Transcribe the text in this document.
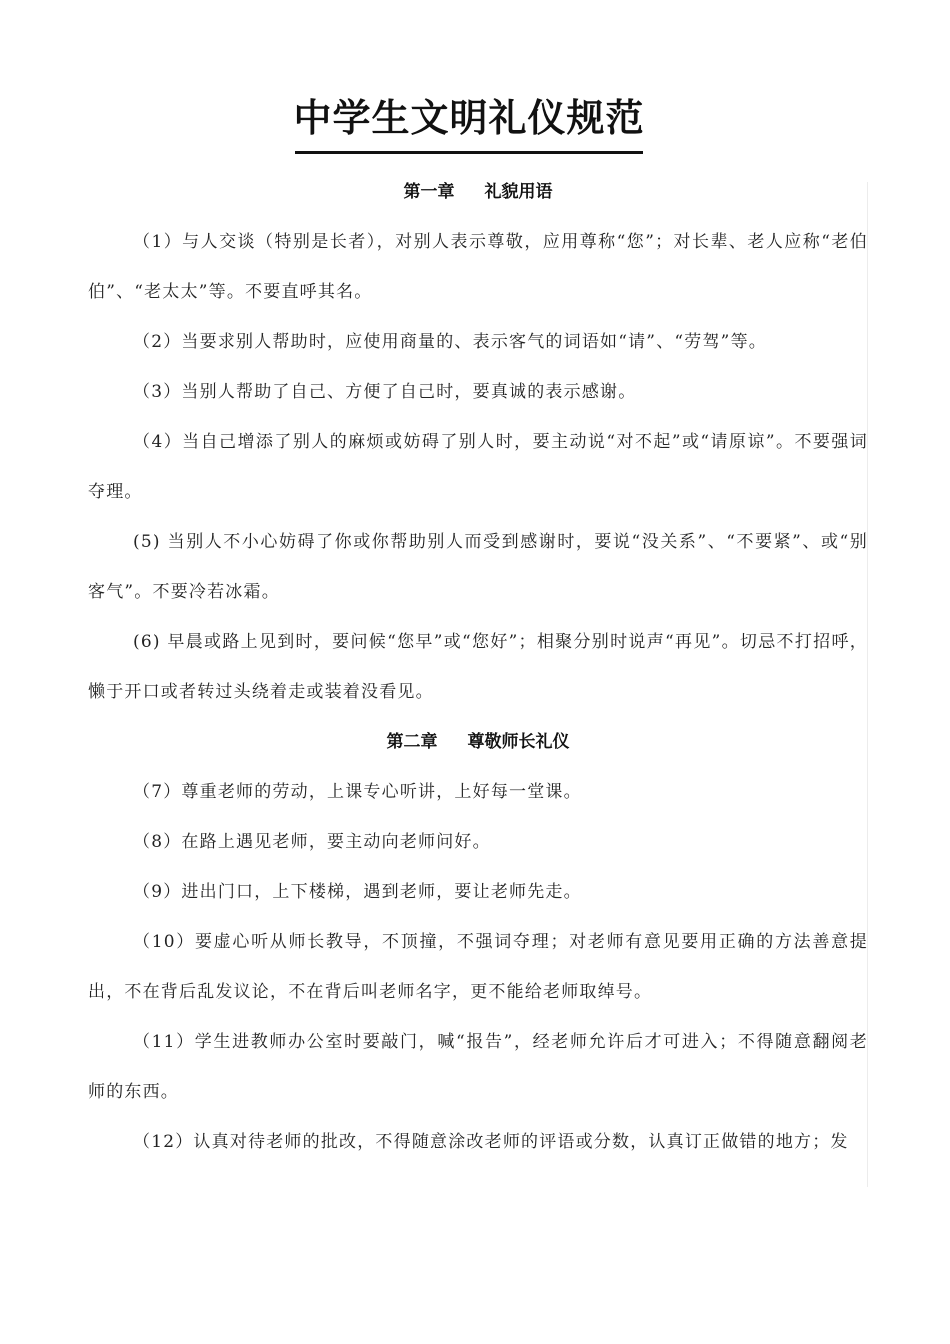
中学生文明礼仪规范
第一章 礼貌用语

（1）与人交谈（特别是长者），对别人表示尊敬，应用尊称“您”；对长辈、老人应称“老伯伯”、“老太太”等。不要直呼其名。

（2）当要求别人帮助时，应使用商量的、表示客气的词语如“请”、“劳驾”等。

（3）当别人帮助了自己、方便了自己时，要真诚的表示感谢。

（4）当自己增添了别人的麻烦或妨碍了别人时，要主动说“对不起”或“请原谅”。不要强词夺理。

(5) 当别人不小心妨碍了你或你帮助别人而受到感谢时，要说“没关系”、“不要紧”、或“别客气”。不要冷若冰霜。

(6) 早晨或路上见到时，要问候“您早”或“您好”；相聚分别时说声“再见”。切忌不打招呼，懒于开口或者转过头绕着走或装着没看见。

第二章 尊敬师长礼仪

（7）尊重老师的劳动，上课专心听讲，上好每一堂课。

（8）在路上遇见老师，要主动向老师问好。

（9）进出门口，上下楼梯，遇到老师，要让老师先走。

（10）要虚心听从师长教导，不顶撞，不强词夺理；对老师有意见要用正确的方法善意提出，不在背后乱发议论，不在背后叫老师名字，更不能给老师取绰号。

（11）学生进教师办公室时要敲门，喊“报告”，经老师允许后才可进入；不得随意翻阅老师的东西。

（12）认真对待老师的批改，不得随意涂改老师的评语或分数，认真订正做错的地方；发
